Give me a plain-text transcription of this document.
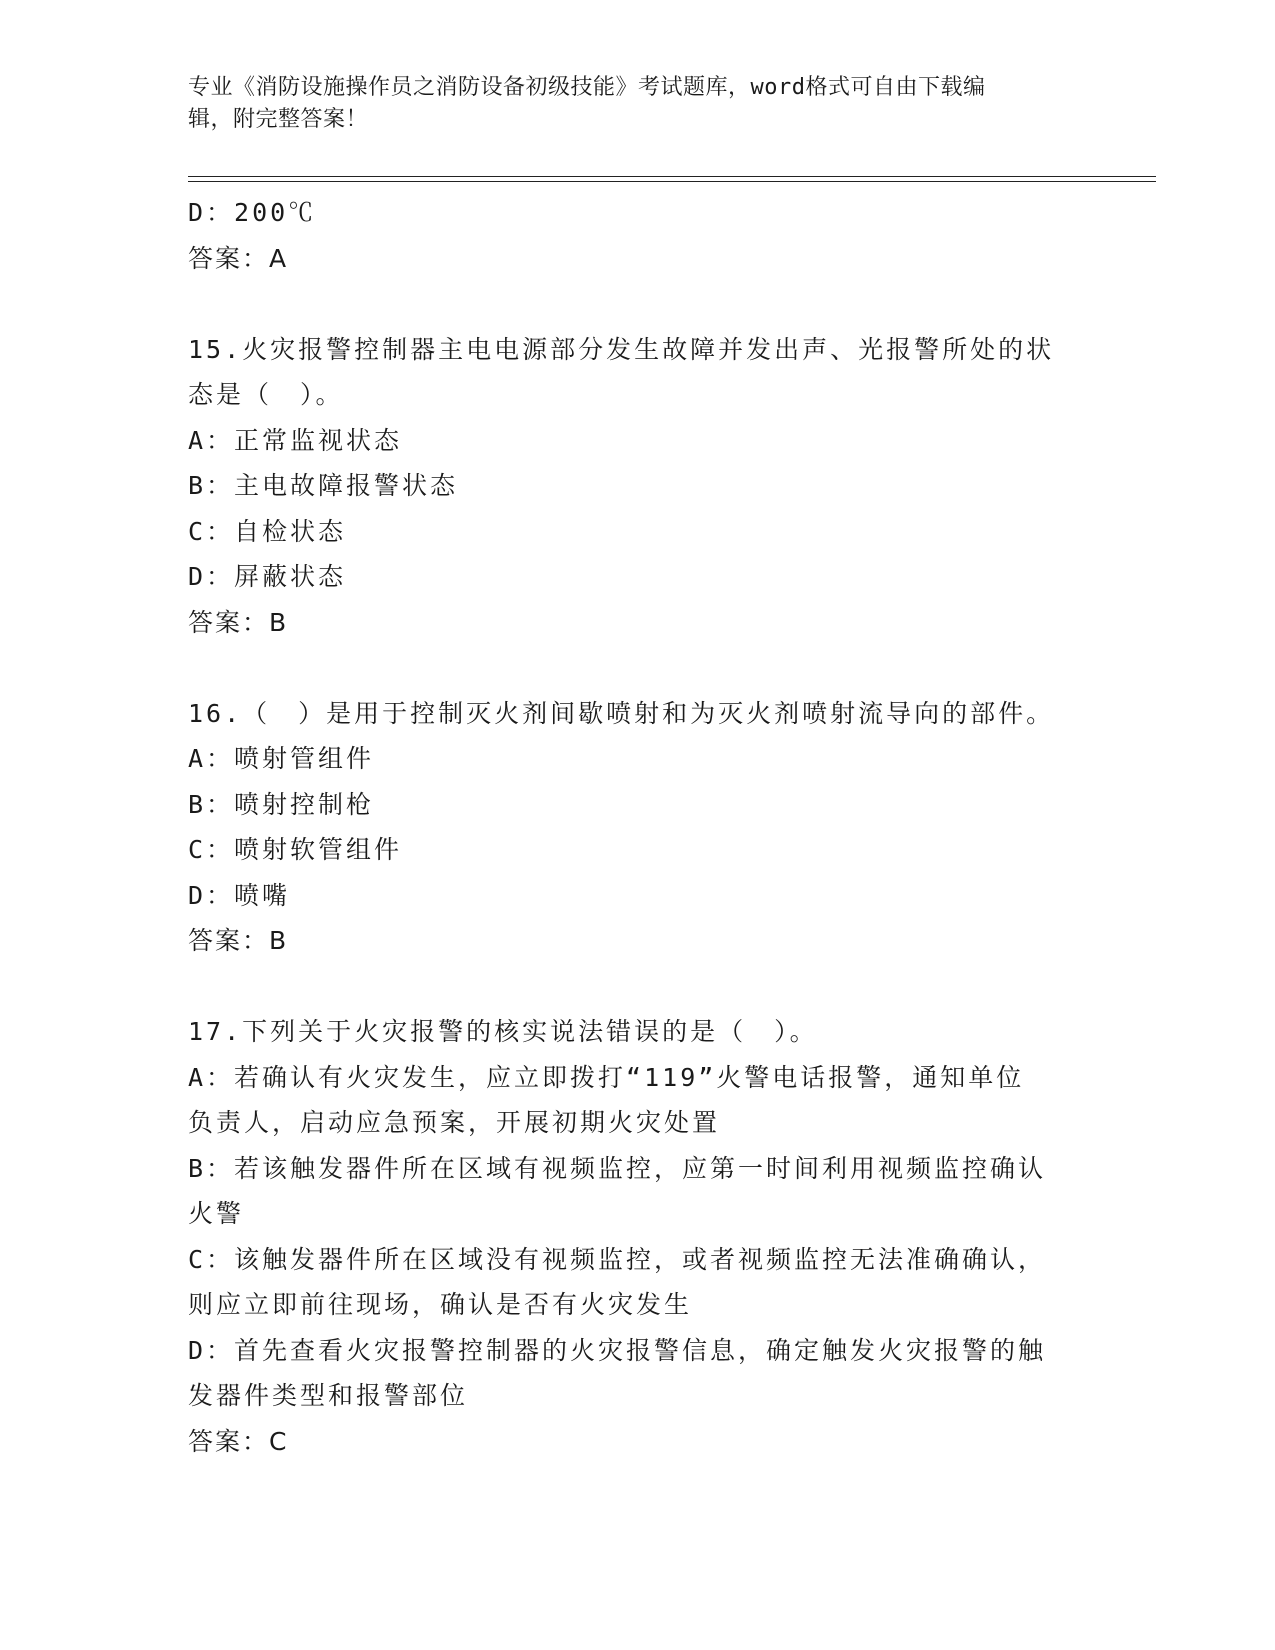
专业《消防设施操作员之消防设备初级技能》考试题库，word格式可自由下载编
辑，附完整答案！
D：200℃
答案：A
15.火灾报警控制器主电电源部分发生故障并发出声、光报警所处的状
态是（　）。
A：正常监视状态
B：主电故障报警状态
C：自检状态
D：屏蔽状态
答案：B
16.（　）是用于控制灭火剂间歇喷射和为灭火剂喷射流导向的部件。
A：喷射管组件
B：喷射控制枪
C：喷射软管组件
D：喷嘴
答案：B
17.下列关于火灾报警的核实说法错误的是（　）。
A：若确认有火灾发生，应立即拨打“119”火警电话报警，通知单位
负责人，启动应急预案，开展初期火灾处置
B：若该触发器件所在区域有视频监控，应第一时间利用视频监控确认
火警
C：该触发器件所在区域没有视频监控，或者视频监控无法准确确认，
则应立即前往现场，确认是否有火灾发生
D：首先查看火灾报警控制器的火灾报警信息，确定触发火灾报警的触
发器件类型和报警部位
答案：C
